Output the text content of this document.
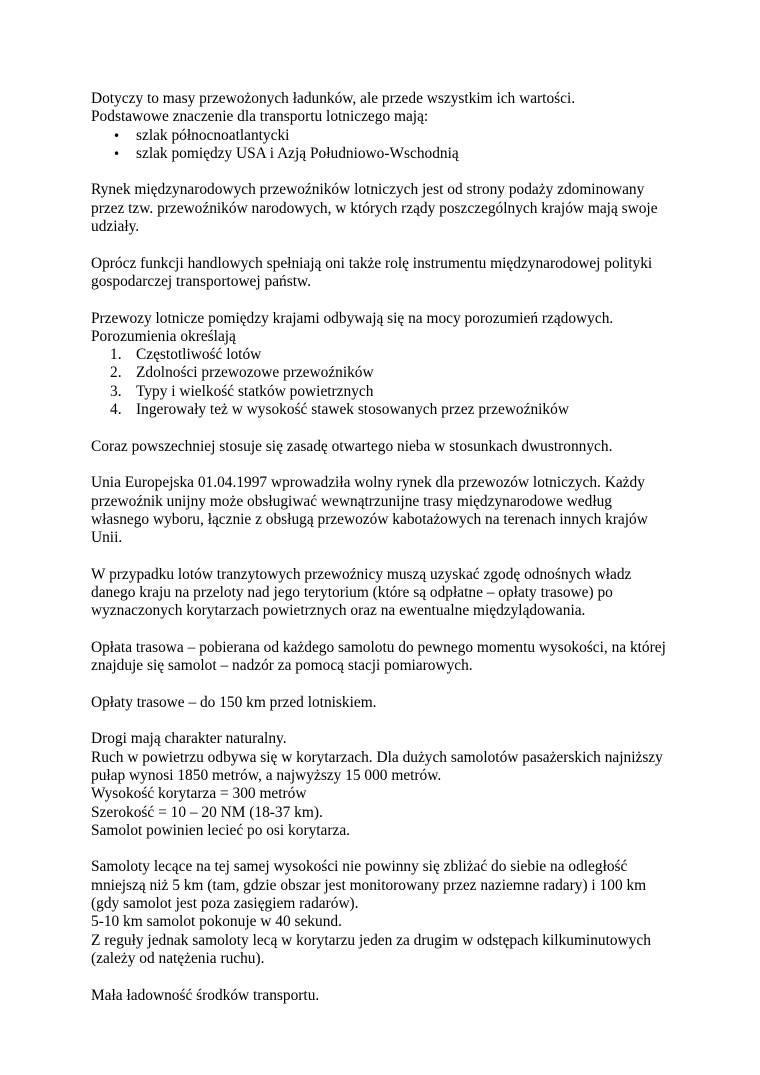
Dotyczy to masy przewożonych ładunków, ale przede wszystkim ich wartości.
Podstawowe znaczenie dla transportu lotniczego mają:

• szlak północnoatlantycki
• szlak pomiędzy USA i Azją Południowo-Wschodnią

Rynek międzynarodowych przewoźników lotniczych jest od strony podaży zdominowany
przez tzw. przewoźników narodowych, w których rządy poszczególnych krajów mają swoje
udziały.

Oprócz funkcji handlowych spełniają oni także rolę instrumentu międzynarodowej polityki
gospodarczej transportowej państw.

Przewozy lotnicze pomiędzy krajami odbywają się na mocy porozumień rządowych.
Porozumienia określają

1. Częstotliwość lotów
2. Zdolności przewozowe przewoźników
3. Typy i wielkość statków powietrznych
4. Ingerowały też w wysokość stawek stosowanych przez przewoźników

Coraz powszechniej stosuje się zasadę otwartego nieba w stosunkach dwustronnych.

Unia Europejska 01.04.1997 wprowadziła wolny rynek dla przewozów lotniczych. Każdy
przewoźnik unijny może obsługiwać wewnątrzunijne trasy międzynarodowe według
własnego wyboru, łącznie z obsługą przewozów kabotażowych na terenach innych krajów
Unii.

W przypadku lotów tranzytowych przewoźnicy muszą uzyskać zgodę odnośnych władz
danego kraju na przeloty nad jego terytorium (które są odpłatne – opłaty trasowe) po
wyznaczonych korytarzach powietrznych oraz na ewentualne międzylądowania.

Opłata trasowa – pobierana od każdego samolotu do pewnego momentu wysokości, na której
znajduje się samolot – nadzór za pomocą stacji pomiarowych.

Opłaty trasowe – do 150 km przed lotniskiem.

Drogi mają charakter naturalny.
Ruch w powietrzu odbywa się w korytarzach. Dla dużych samolotów pasażerskich najniższy
pułap wynosi 1850 metrów, a najwyższy 15 000 metrów.
Wysokość korytarza = 300 metrów
Szerokość = 10 – 20 NM (18-37 km).
Samolot powinien lecieć po osi korytarza.

Samoloty lecące na tej samej wysokości nie powinny się zbliżać do siebie na odległość
mniejszą niż 5 km (tam, gdzie obszar jest monitorowany przez naziemne radary) i 100 km
(gdy samolot jest poza zasięgiem radarów).
5-10 km samolot pokonuje w 40 sekund.
Z reguły jednak samoloty lecą w korytarzu jeden za drugim w odstępach kilkuminutowych
(zależy od natężenia ruchu).

Mała ładowność środków transportu.
